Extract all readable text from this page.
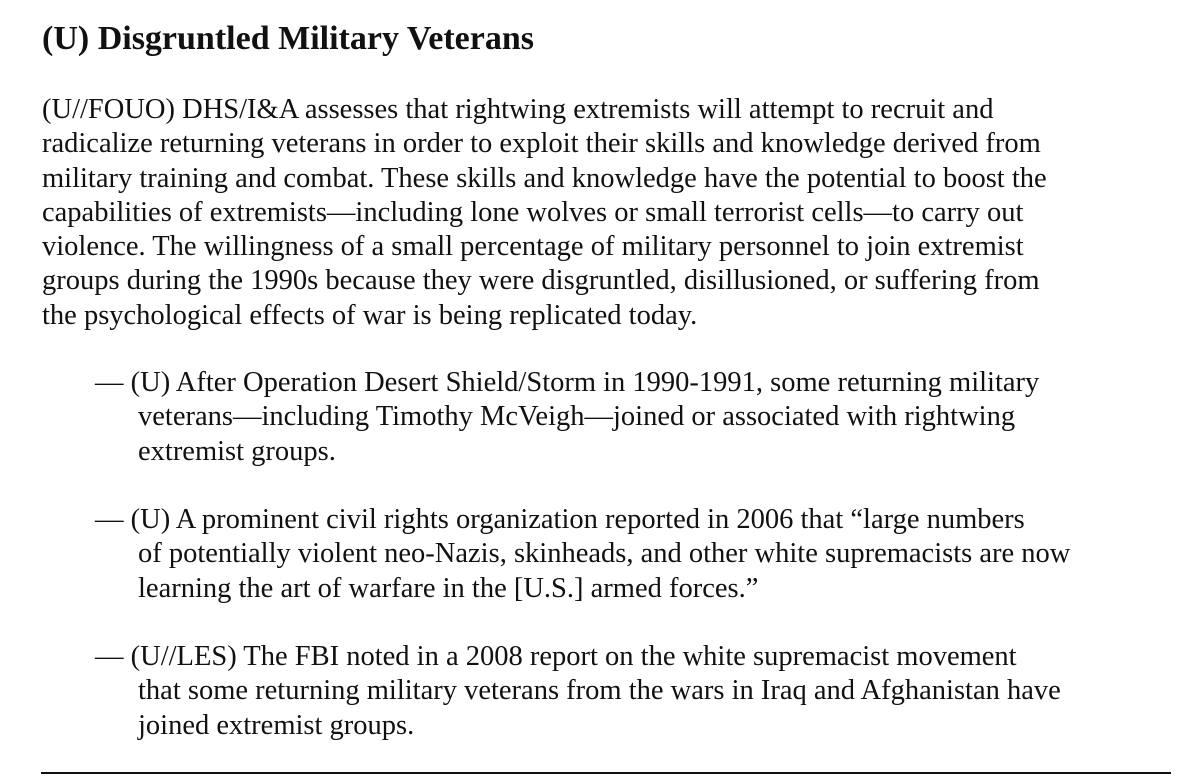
(U) Disgruntled Military Veterans

(U//FOUO) DHS/I&A assesses that rightwing extremists will attempt to recruit and
radicalize returning veterans in order to exploit their skills and knowledge derived from
military training and combat. These skills and knowledge have the potential to boost the
capabilities of extremists—including lone wolves or small terrorist cells—to carry out
violence. The willingness of a small percentage of military personnel to join extremist
groups during the 1990s because they were disgruntled, disillusioned, or suffering from
the psychological effects of war is being replicated today.

— (U) After Operation Desert Shield/Storm in 1990-1991, some returning military
veterans—including Timothy McVeigh—joined or associated with rightwing
extremist groups.

— (U) A prominent civil rights organization reported in 2006 that “large numbers
of potentially violent neo-Nazis, skinheads, and other white supremacists are now
learning the art of warfare in the [U.S.] armed forces.”

— (U//LES) The FBI noted in a 2008 report on the white supremacist movement
that some returning military veterans from the wars in Iraq and Afghanistan have
joined extremist groups.
